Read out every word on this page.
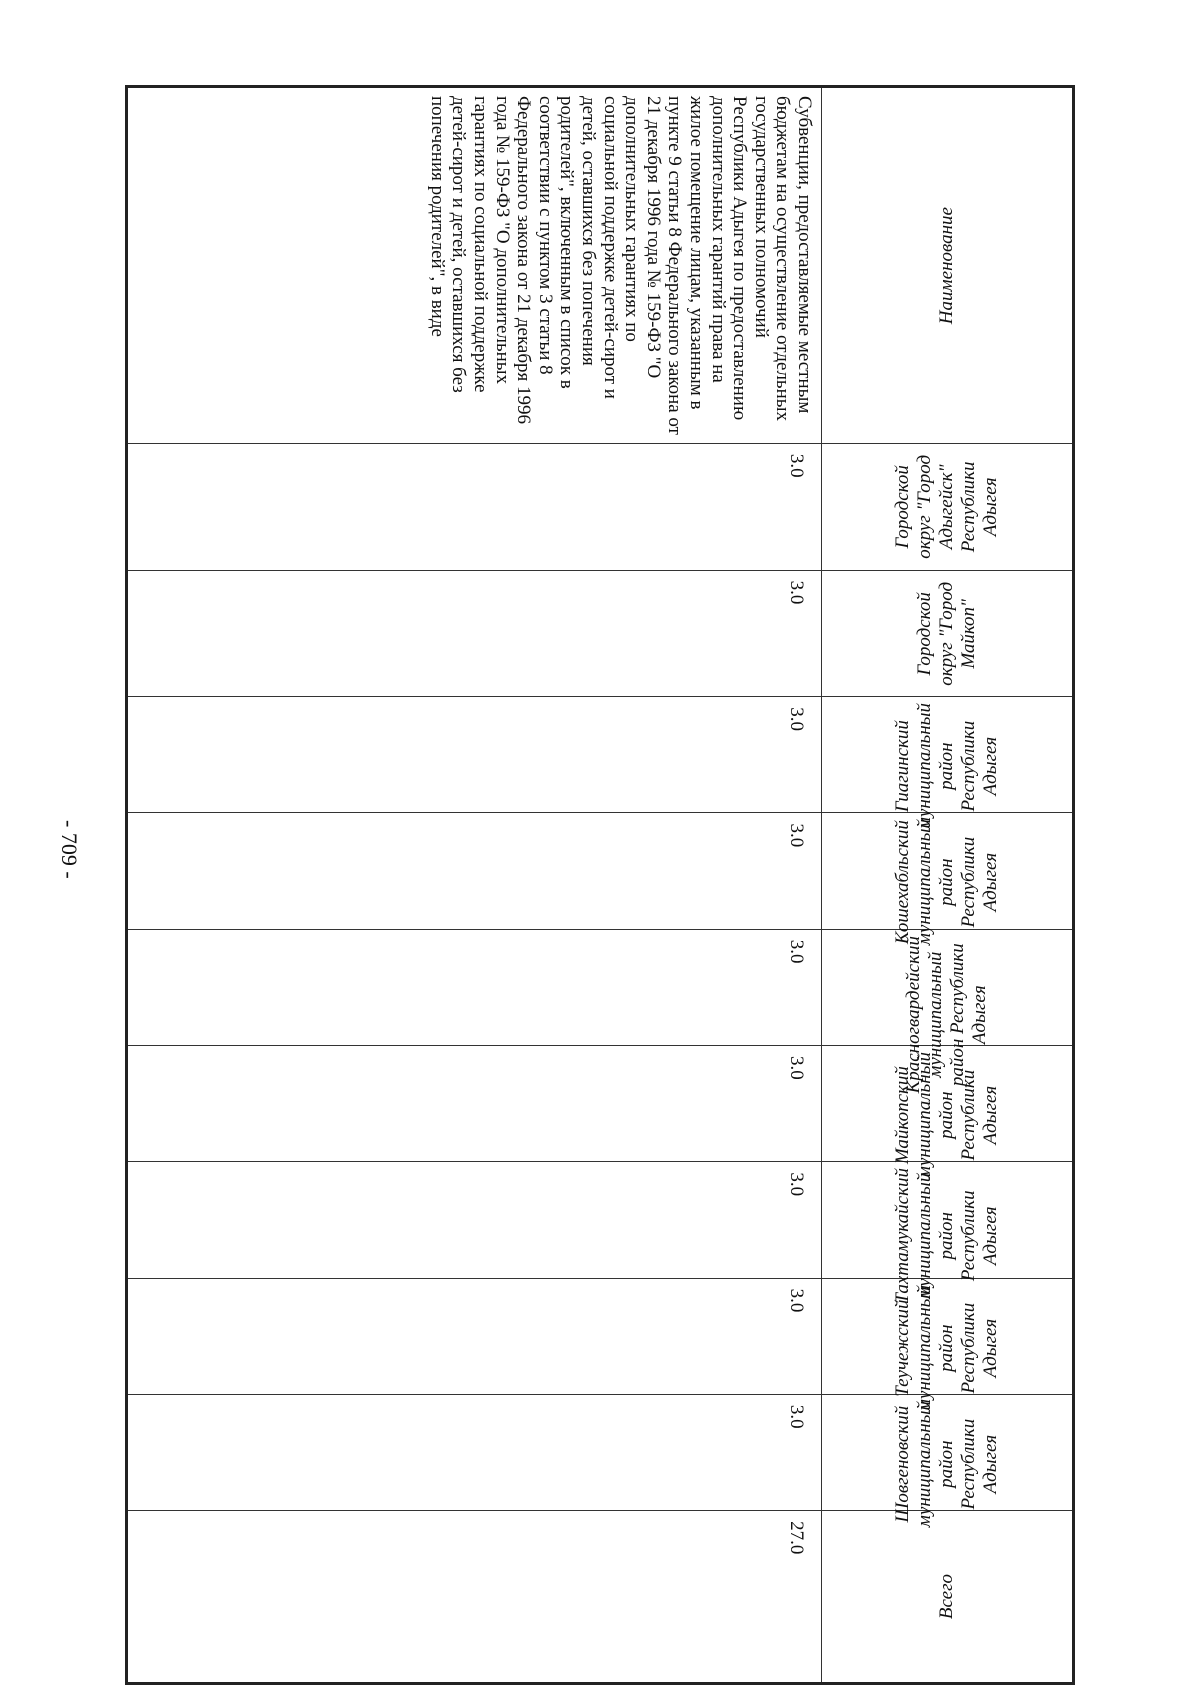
- 709 -
Наименование	Городской округ "Город Адыгейск" Республики Адыгея	Городской округ "Город Майкоп"	Гиагинский муниципальный район Республики Адыгея	Кошехабльский муниципальный район Республики Адыгея	Красногвардейский муниципальный район Республики Адыгея	Майкопский муниципальный район Республики Адыгея	Тахтамукайский муниципальный район Республики Адыгея	Теучежский муниципальный район Республики Адыгея	Шовгеновский муниципальный район Республики Адыгея	Всего
Субвенции, предоставляемые местным бюджетам на осуществление отдельных государственных полномочий Республики Адыгея по предоставлению дополнительных гарантий права на жилое помещение лицам, указанным в пункте 9 статьи 8 Федерального закона от 21 декабря 1996 года № 159-ФЗ "О дополнительных гарантиях по социальной поддержке детей-сирот и детей, оставшихся без попечения родителей", включенным в список в соответствии с пунктом 3 статьи 8 Федерального закона от 21 декабря 1996 года № 159-ФЗ "О дополнительных гарантиях по социальной поддержке детей-сирот и детей, оставшихся без попечения родителей", в виде	3.0	3.0	3.0	3.0	3.0	3.0	3.0	3.0	3.0	27.0
